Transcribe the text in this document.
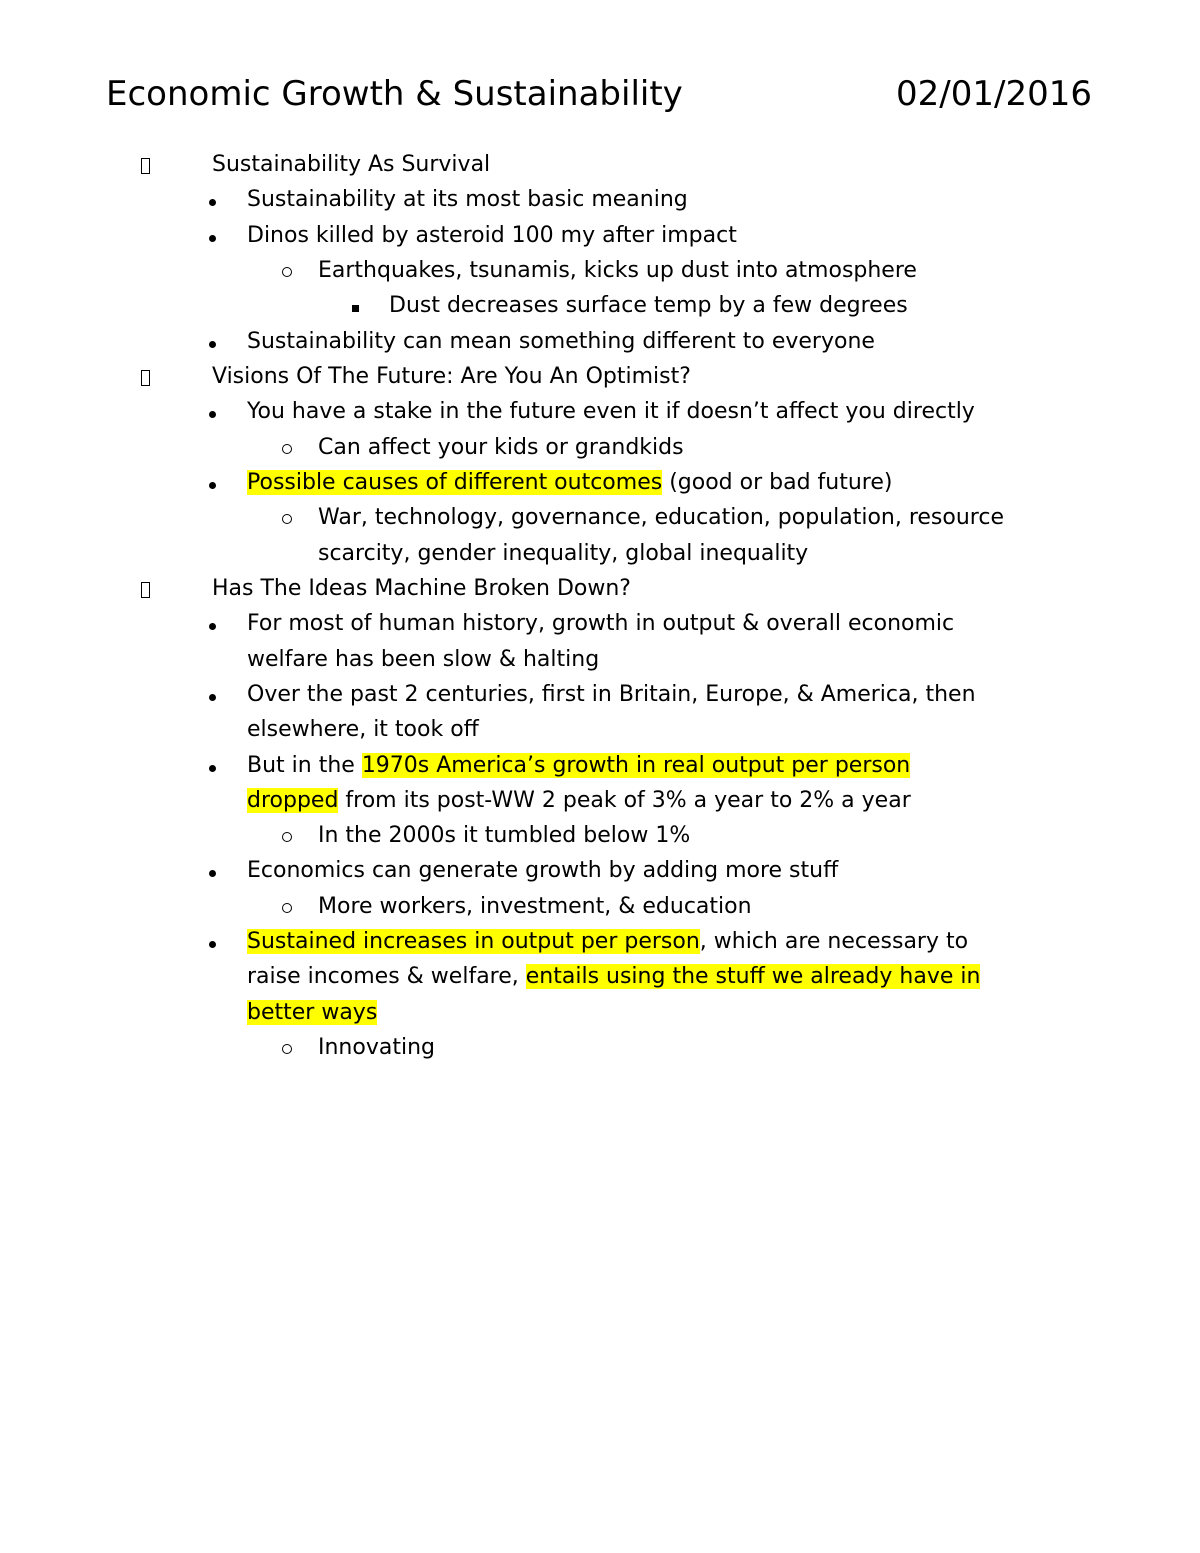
Economic Growth & Sustainability	02/01/2016
Sustainability As Survival
Sustainability at its most basic meaning
Dinos killed by asteroid 100 my after impact
Earthquakes, tsunamis, kicks up dust into atmosphere
Dust decreases surface temp by a few degrees
Sustainability can mean something different to everyone
Visions Of The Future: Are You An Optimist?
You have a stake in the future even it if doesn’t affect you directly
Can affect your kids or grandkids
Possible causes of different outcomes (good or bad future)
War, technology, governance, education, population, resource
scarcity, gender inequality, global inequality
Has The Ideas Machine Broken Down?
For most of human history, growth in output & overall economic
welfare has been slow & halting
Over the past 2 centuries, first in Britain, Europe, & America, then
elsewhere, it took off
But in the 1970s America’s growth in real output per person
dropped from its post-WW 2 peak of 3% a year to 2% a year
In the 2000s it tumbled below 1%
Economics can generate growth by adding more stuff
More workers, investment, & education
Sustained increases in output per person, which are necessary to
raise incomes & welfare, entails using the stuff we already have in
better ways
Innovating
